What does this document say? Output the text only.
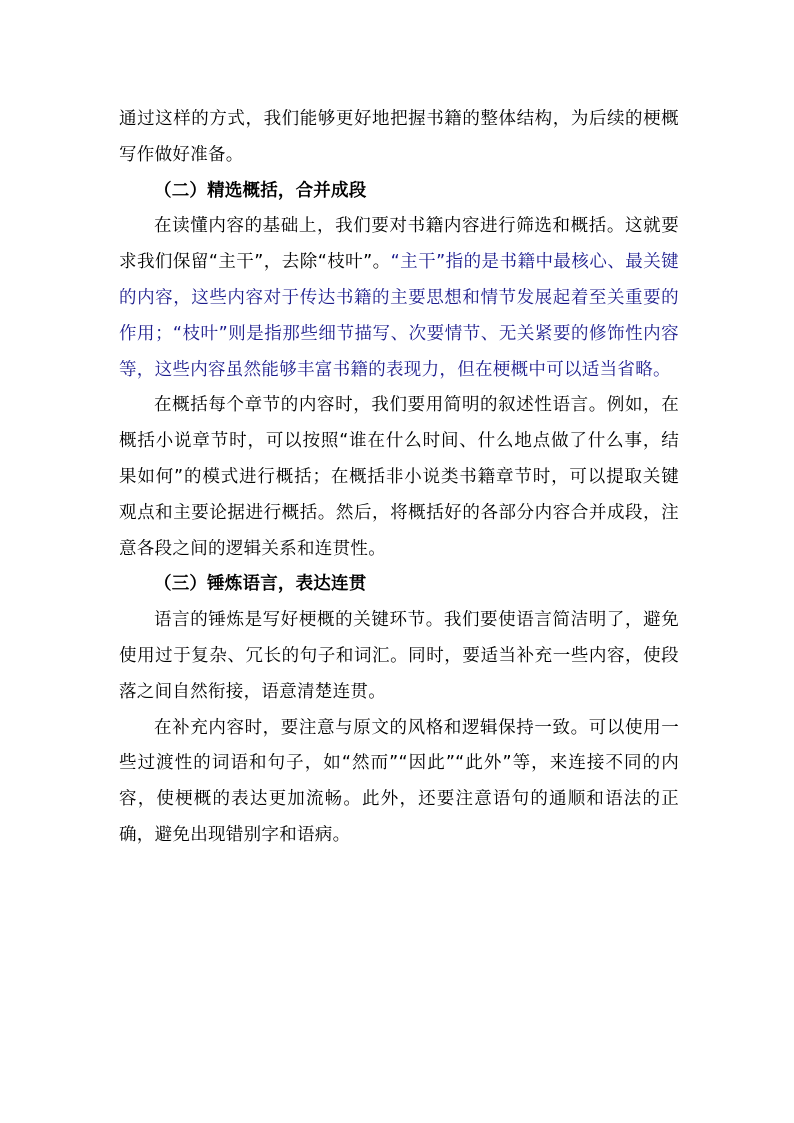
通过这样的方式，我们能够更好地把握书籍的整体结构，为后续的梗概写作做好准备。

（二）精选概括，合并成段

在读懂内容的基础上，我们要对书籍内容进行筛选和概括。这就要求我们保留“主干”，去除“枝叶”。“主干”指的是书籍中最核心、最关键的内容，这些内容对于传达书籍的主要思想和情节发展起着至关重要的作用；“枝叶”则是指那些细节描写、次要情节、无关紧要的修饰性内容等，这些内容虽然能够丰富书籍的表现力，但在梗概中可以适当省略。

在概括每个章节的内容时，我们要用简明的叙述性语言。例如，在概括小说章节时，可以按照“谁在什么时间、什么地点做了什么事，结果如何”的模式进行概括；在概括非小说类书籍章节时，可以提取关键观点和主要论据进行概括。然后，将概括好的各部分内容合并成段，注意各段之间的逻辑关系和连贯性。

（三）锤炼语言，表达连贯

语言的锤炼是写好梗概的关键环节。我们要使语言简洁明了，避免使用过于复杂、冗长的句子和词汇。同时，要适当补充一些内容，使段落之间自然衔接，语意清楚连贯。

在补充内容时，要注意与原文的风格和逻辑保持一致。可以使用一些过渡性的词语和句子，如“然而”“因此”“此外”等，来连接不同的内容，使梗概的表达更加流畅。此外，还要注意语句的通顺和语法的正确，避免出现错别字和语病。
